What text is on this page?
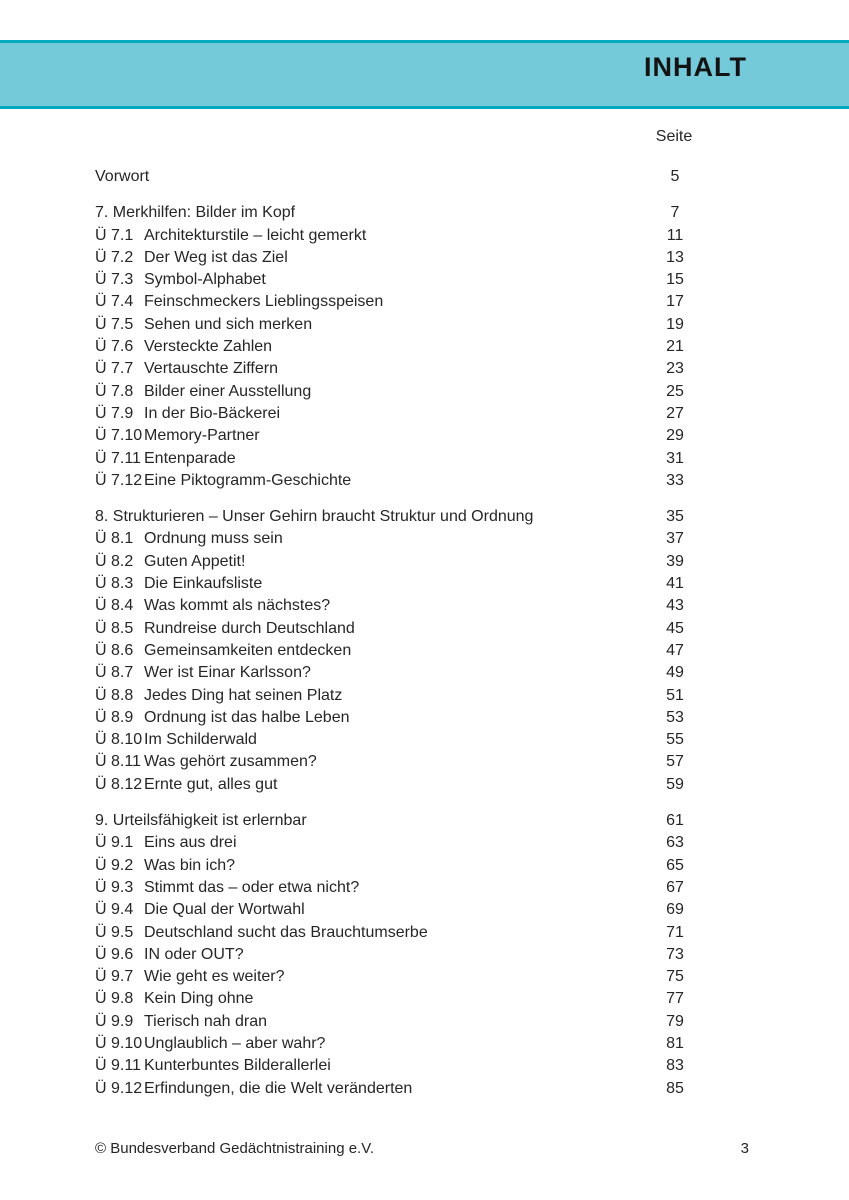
INHALT
Seite
Vorwort	5
7. Merkhilfen: Bilder im Kopf	7
Ü 7.1 Architekturstile – leicht gemerkt	11
Ü 7.2 Der Weg ist das Ziel	13
Ü 7.3 Symbol-Alphabet	15
Ü 7.4 Feinschmeckers Lieblingsspeisen	17
Ü 7.5 Sehen und sich merken	19
Ü 7.6 Versteckte Zahlen	21
Ü 7.7 Vertauschte Ziffern	23
Ü 7.8 Bilder einer Ausstellung	25
Ü 7.9 In der Bio-Bäckerei	27
Ü 7.10 Memory-Partner	29
Ü 7.11 Entenparade	31
Ü 7.12 Eine Piktogramm-Geschichte	33
8. Strukturieren – Unser Gehirn braucht Struktur und Ordnung	35
Ü 8.1 Ordnung muss sein	37
Ü 8.2 Guten Appetit!	39
Ü 8.3 Die Einkaufsliste	41
Ü 8.4 Was kommt als nächstes?	43
Ü 8.5 Rundreise durch Deutschland	45
Ü 8.6 Gemeinsamkeiten entdecken	47
Ü 8.7 Wer ist Einar Karlsson?	49
Ü 8.8 Jedes Ding hat seinen Platz	51
Ü 8.9 Ordnung ist das halbe Leben	53
Ü 8.10 Im Schilderwald	55
Ü 8.11 Was gehört zusammen?	57
Ü 8.12 Ernte gut, alles gut	59
9. Urteilsfähigkeit ist erlernbar	61
Ü 9.1 Eins aus drei	63
Ü 9.2 Was bin ich?	65
Ü 9.3 Stimmt das – oder etwa nicht?	67
Ü 9.4 Die Qual der Wortwahl	69
Ü 9.5 Deutschland sucht das Brauchtumserbe	71
Ü 9.6 IN oder OUT?	73
Ü 9.7 Wie geht es weiter?	75
Ü 9.8 Kein Ding ohne	77
Ü 9.9 Tierisch nah dran	79
Ü 9.10 Unglaublich – aber wahr?	81
Ü 9.11 Kunterbuntes Bilderallerlei	83
Ü 9.12 Erfindungen, die die Welt veränderten	85
© Bundesverband Gedächtnistraining e.V.	3
